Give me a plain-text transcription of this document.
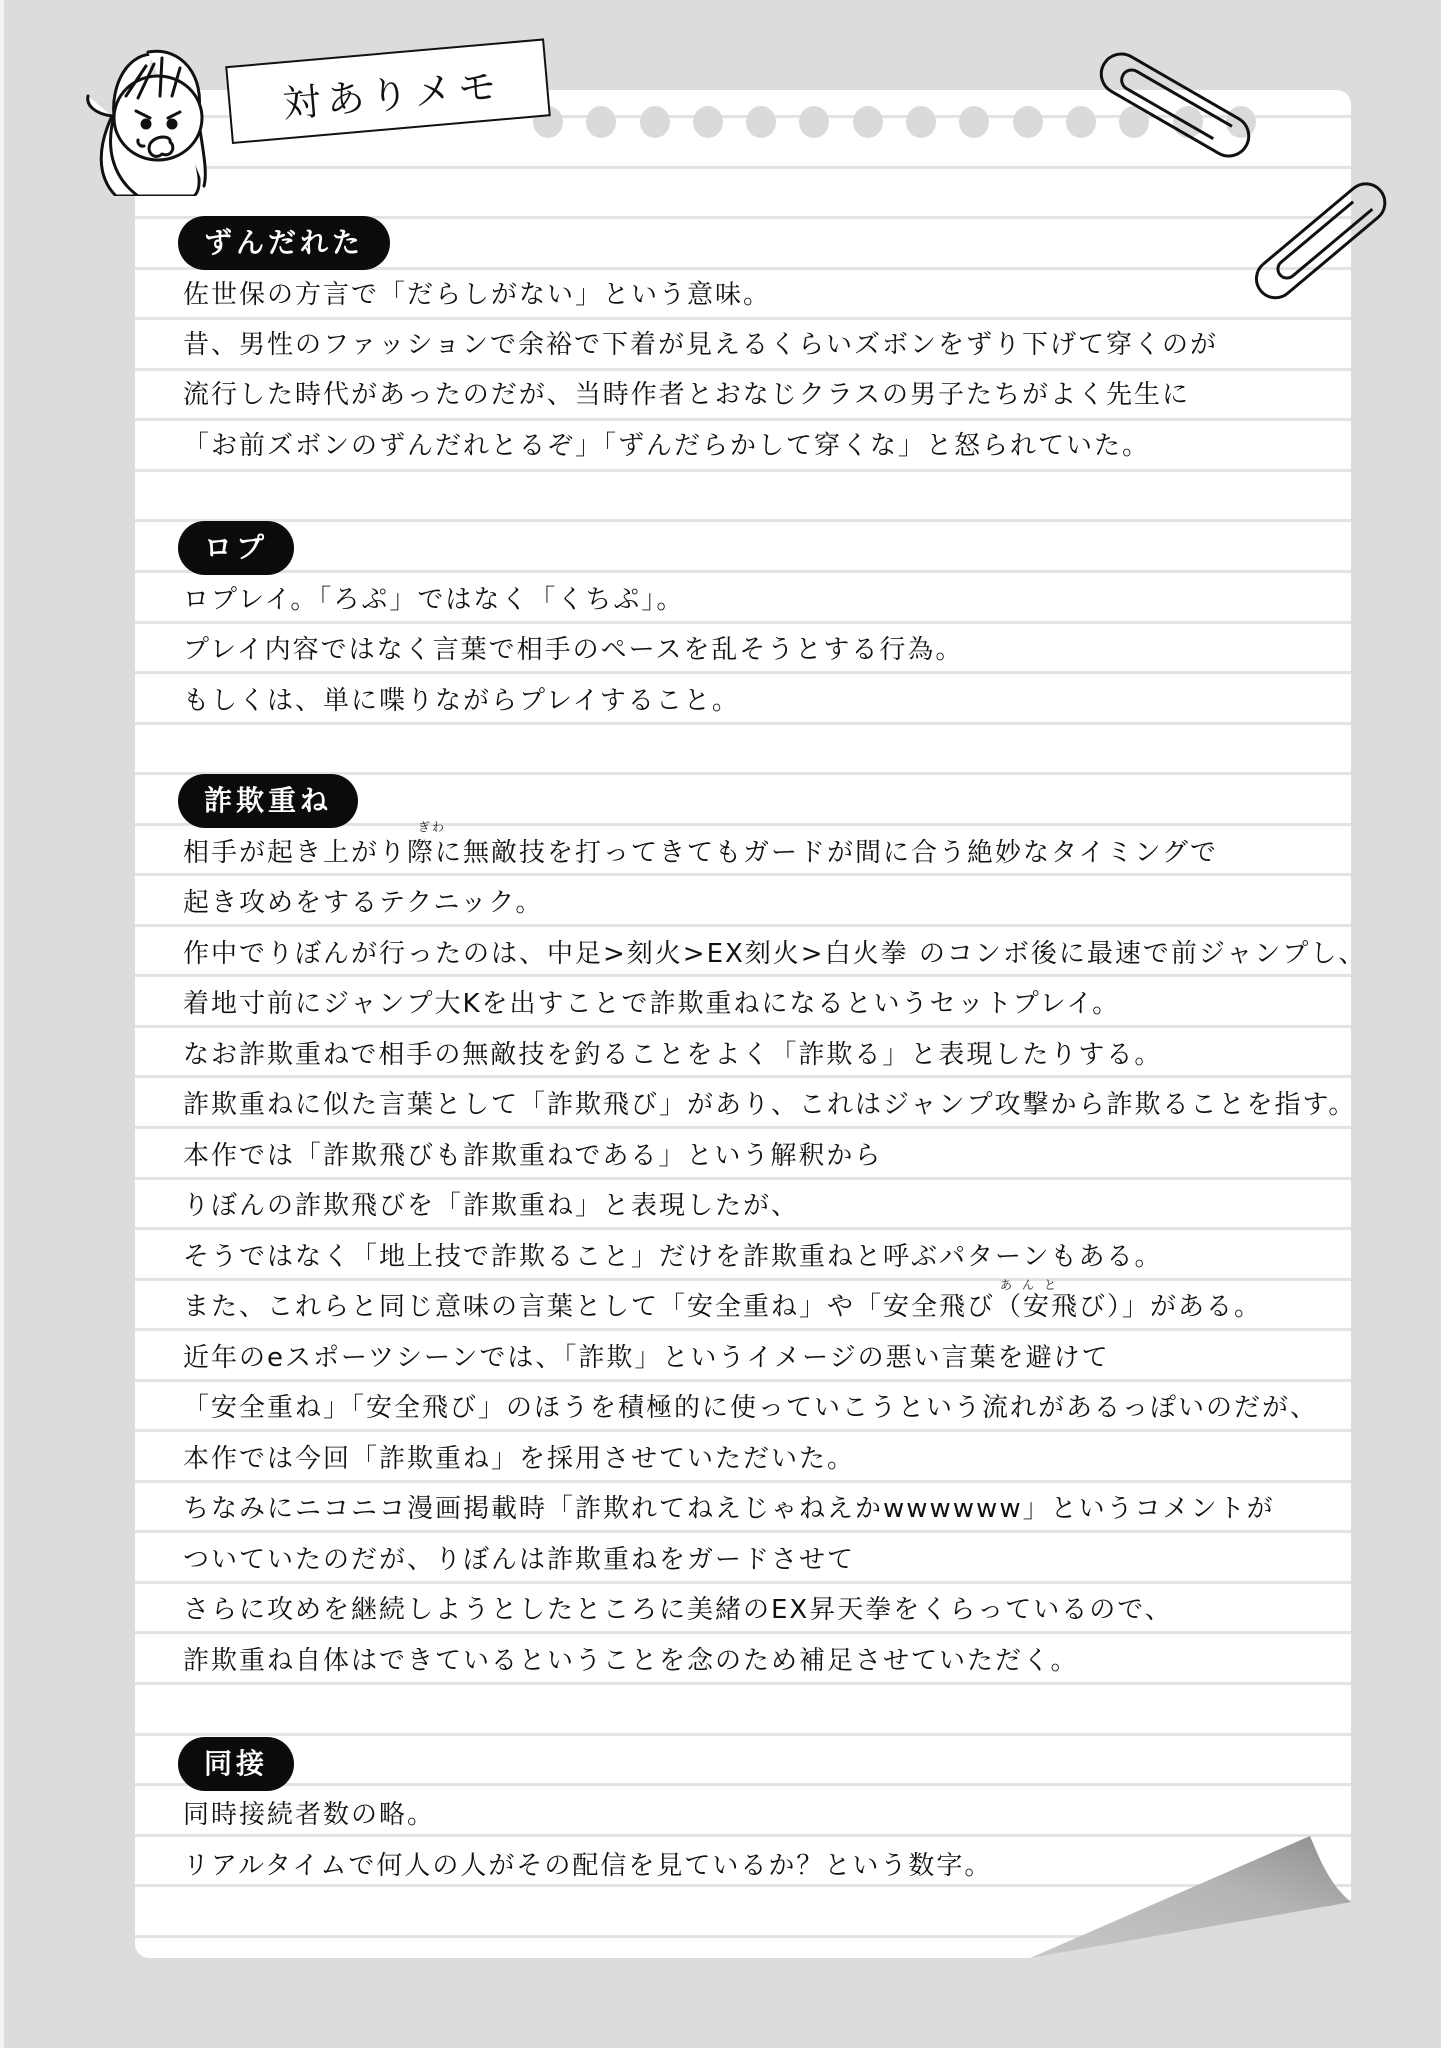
対ありメモ
ずんだれた
佐世保の方言で「だらしがない」という意味。
昔、男性のファッションで余裕で下着が見えるくらいズボンをずり下げて穿くのが
流行した時代があったのだが、当時作者とおなじクラスの男子たちがよく先生に
「お前ズボンのずんだれとるぞ」「ずんだらかして穿くな」と怒られていた。
ロプ
ロプレイ。「ろぷ」ではなく「くちぷ」。
プレイ内容ではなく言葉で相手のペースを乱そうとする行為。
もしくは、単に喋りながらプレイすること。
詐欺重ね
ぎわ
相手が起き上がり際に無敵技を打ってきてもガードが間に合う絶妙なタイミングで
起き攻めをするテクニック。
作中でりぼんが行ったのは、中足>刻火>EX刻火>白火拳 のコンボ後に最速で前ジャンプし、
着地寸前にジャンプ大Kを出すことで詐欺重ねになるというセットプレイ。
なお詐欺重ねで相手の無敵技を釣ることをよく「詐欺る」と表現したりする。
詐欺重ねに似た言葉として「詐欺飛び」があり、これはジャンプ攻撃から詐欺ることを指す。
本作では「詐欺飛びも詐欺重ねである」という解釈から
りぼんの詐欺飛びを「詐欺重ね」と表現したが、
そうではなく「地上技で詐欺ること」だけを詐欺重ねと呼ぶパターンもある。
あんと
また、これらと同じ意味の言葉として「安全重ね」や「安全飛び（安飛び）」がある。
近年のeスポーツシーンでは、「詐欺」というイメージの悪い言葉を避けて
「安全重ね」「安全飛び」のほうを積極的に使っていこうという流れがあるっぽいのだが、
本作では今回「詐欺重ね」を採用させていただいた。
ちなみにニコニコ漫画掲載時「詐欺れてねえじゃねえかwwwwww」というコメントが
ついていたのだが、りぼんは詐欺重ねをガードさせて
さらに攻めを継続しようとしたところに美緒のEX昇天拳をくらっているので、
詐欺重ね自体はできているということを念のため補足させていただく。
同接
同時接続者数の略。
リアルタイムで何人の人がその配信を見ているか？という数字。
